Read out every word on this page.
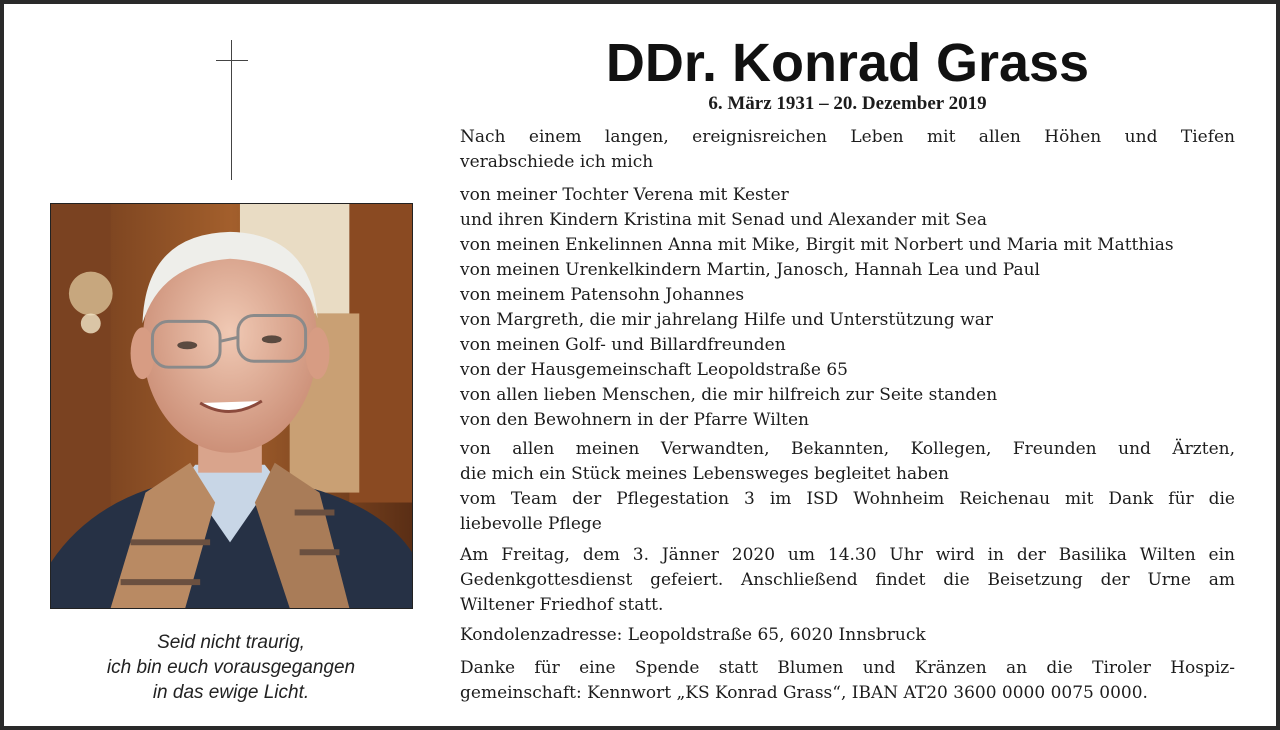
Seid nicht traurig,
ich bin euch vorausgegangen
in das ewige Licht.
DDr. Konrad Grass
6. März 1931 – 20. Dezember 2019
Nach einem langen, ereignisreichen Leben mit allen Höhen und Tiefen
verabschiede ich mich
von meiner Tochter Verena mit Kester
und ihren Kindern Kristina mit Senad und Alexander mit Sea
von meinen Enkelinnen Anna mit Mike, Birgit mit Norbert und Maria mit Matthias
von meinen Urenkelkindern Martin, Janosch, Hannah Lea und Paul
von meinem Patensohn Johannes
von Margreth, die mir jahrelang Hilfe und Unterstützung war
von meinen Golf- und Billardfreunden
von der Hausgemeinschaft Leopoldstraße 65
von allen lieben Menschen, die mir hilfreich zur Seite standen
von den Bewohnern in der Pfarre Wilten
von allen meinen Verwandten, Bekannten, Kollegen, Freunden und Ärzten,
die mich ein Stück meines Lebensweges begleitet haben
vom Team der Pflegestation 3 im ISD Wohnheim Reichenau mit Dank für die
liebevolle Pflege
Am Freitag, dem 3. Jänner 2020 um 14.30 Uhr wird in der Basilika Wilten ein
Gedenkgottesdienst gefeiert. Anschließend findet die Beisetzung der Urne am
Wiltener Friedhof statt.
Kondolenzadresse: Leopoldstraße 65, 6020 Innsbruck
Danke für eine Spende statt Blumen und Kränzen an die Tiroler Hospiz-
gemeinschaft: Kennwort „KS Konrad Grass“, IBAN AT20 3600 0000 0075 0000.
